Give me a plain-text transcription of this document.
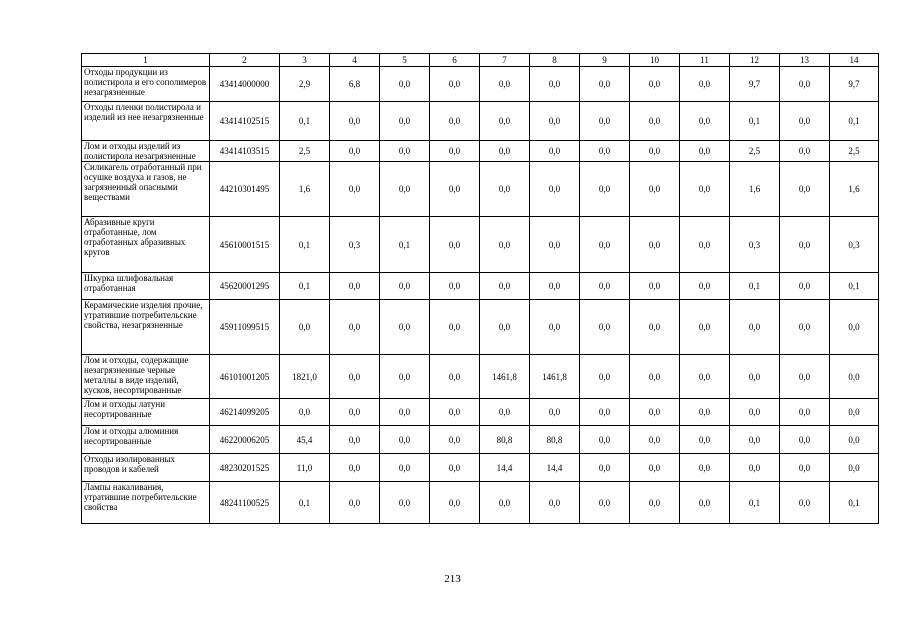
1	2	3	4	5	6	7	8	9	10	11	12	13	14
Отходы продукции из полистирола и его сополимеров незагрязненные	43414000000	2,9	6,8	0,0	0,0	0,0	0,0	0,0	0,0	0,0	9,7	0,0	9,7
Отходы пленки полистирола и изделий из нее незагрязненные	43414102515	0,1	0,0	0,0	0,0	0,0	0,0	0,0	0,0	0,0	0,1	0,0	0,1
Лом и отходы изделий из полистирола незагрязненные	43414103515	2,5	0,0	0,0	0,0	0,0	0,0	0,0	0,0	0,0	2,5	0,0	2,5
Силикагель отработанный при осушке воздуха и газов, не загрязненный опасными веществами	44210301495	1,6	0,0	0,0	0,0	0,0	0,0	0,0	0,0	0,0	1,6	0,0	1,6
Абразивные круги отработанные, лом отработанных абразивных кругов	45610001515	0,1	0,3	0,1	0,0	0,0	0,0	0,0	0,0	0,0	0,3	0,0	0,3
Шкурка шлифовальная отработанная	45620001295	0,1	0,0	0,0	0,0	0,0	0,0	0,0	0,0	0,0	0,1	0,0	0,1
Керамические изделия прочие, утратившие потребительские свойства, незагрязненные	45911099515	0,0	0,0	0,0	0,0	0,0	0,0	0,0	0,0	0,0	0,0	0,0	0,0
Лом и отходы, содержащие незагрязненные черные металлы в виде изделий, кусков, несортированные	46101001205	1821,0	0,0	0,0	0,0	1461,8	1461,8	0,0	0,0	0,0	0,0	0,0	0,0
Лом и отходы латуни несортированные	46214099205	0,0	0,0	0,0	0,0	0,0	0,0	0,0	0,0	0,0	0,0	0,0	0,0
Лом и отходы алюминия несортированные	46220006205	45,4	0,0	0,0	0,0	80,8	80,8	0,0	0,0	0,0	0,0	0,0	0,0
Отходы изолированных проводов и кабелей	48230201525	11,0	0,0	0,0	0,0	14,4	14,4	0,0	0,0	0,0	0,0	0,0	0,0
Лампы накаливания, утратившие потребительские свойства	48241100525	0,1	0,0	0,0	0,0	0,0	0,0	0,0	0,0	0,0	0,1	0,0	0,1
213
